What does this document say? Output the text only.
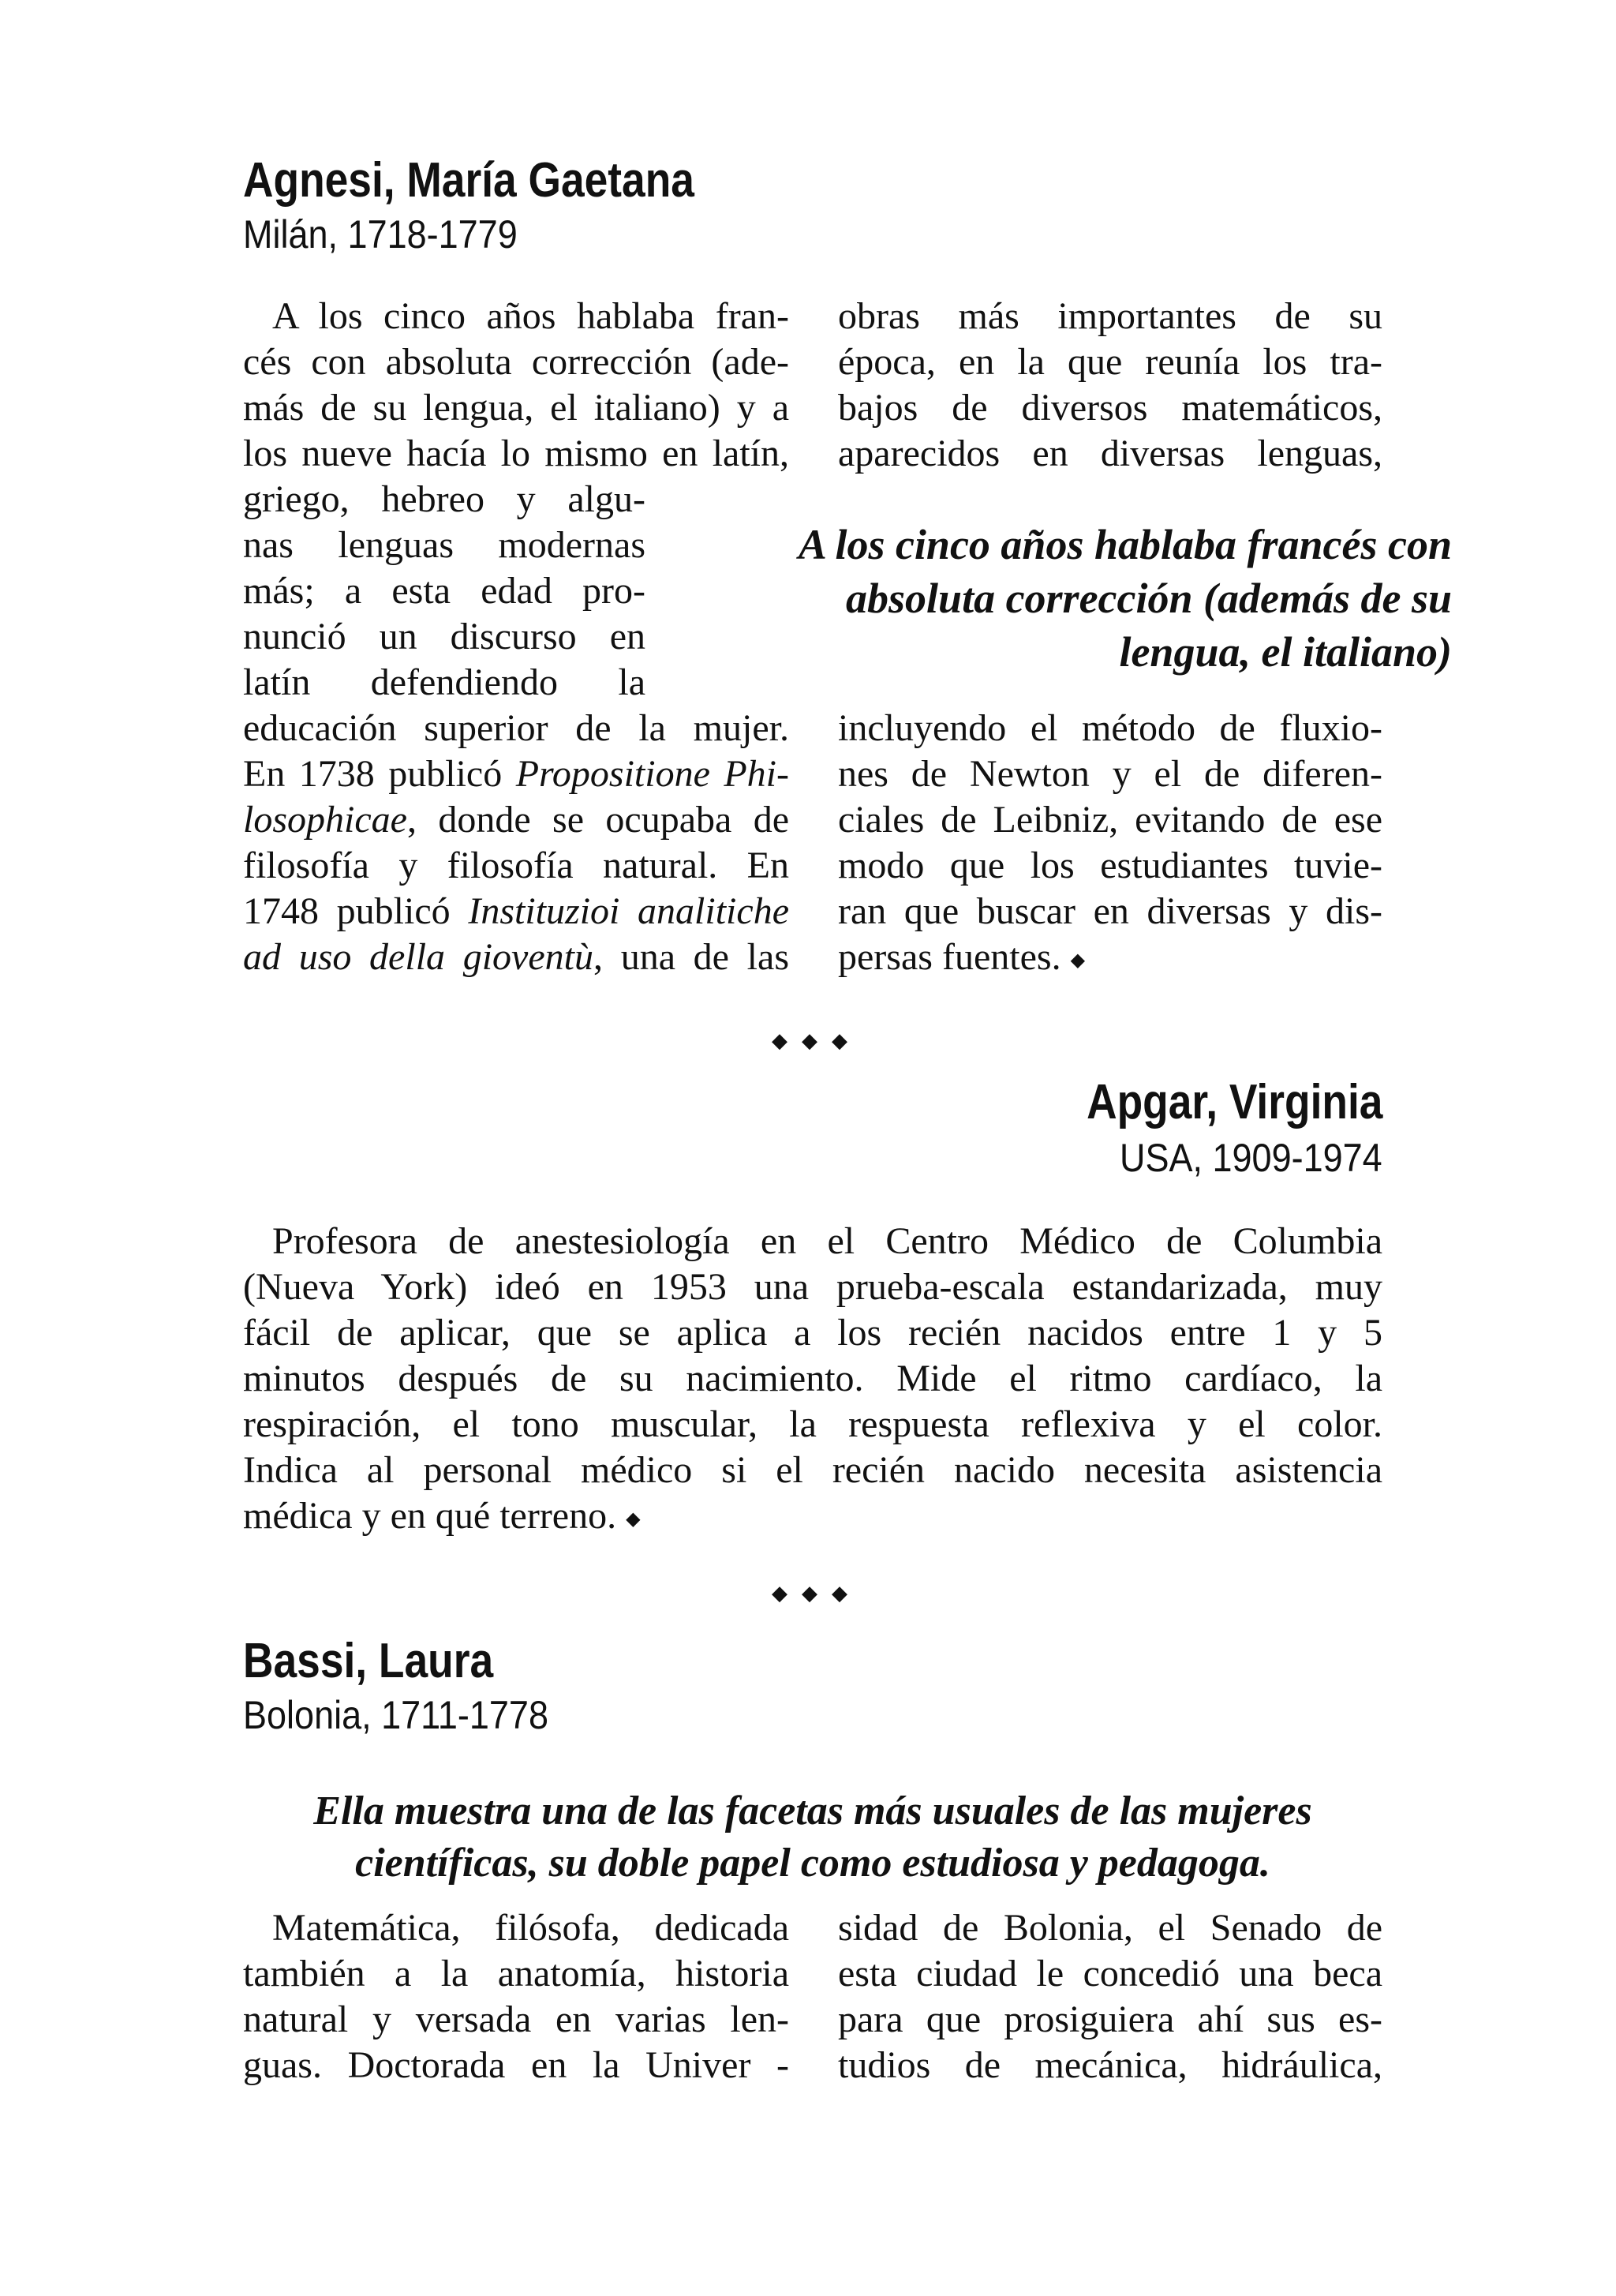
Agnesi, María Gaetana
Milán, 1718-1779
A los cinco años hablaba fran-
cés con absoluta corrección (ade-
más de su lengua, el italiano) y a
los nueve hacía lo mismo en latín,
griego, hebreo y algu-
nas lenguas modernas
más; a esta edad pro-
nunció un discurso en
latín defendiendo la
educación superior de la mujer.
En 1738 publicó Propositione Phi-
losophicae, donde se ocupaba de
filosofía y filosofía natural. En
1748 publicó Instituzioi analitiche
ad uso della gioventù, una de las
obras más importantes de su
época, en la que reunía los tra-
bajos de diversos matemáticos,
aparecidos en diversas lenguas,
A los cinco años hablaba francés con
absoluta corrección (además de su
lengua, el italiano)
incluyendo el método de fluxio-
nes de Newton y el de diferen-
ciales de Leibniz, evitando de ese
modo que los estudiantes tuvie-
ran que buscar en diversas y dis-
persas fuentes. ◆
◆◆◆
Apgar, Virginia
USA, 1909-1974
Profesora de anestesiología en el Centro Médico de Columbia
(Nueva York) ideó en 1953 una prueba-escala estandarizada, muy
fácil de aplicar, que se aplica a los recién nacidos entre 1 y 5
minutos después de su nacimiento. Mide el ritmo cardíaco, la
respiración, el tono muscular, la respuesta reflexiva y el color.
Indica al personal médico si el recién nacido necesita asistencia
médica y en qué terreno. ◆
◆◆◆
Bassi, Laura
Bolonia, 1711-1778
Ella muestra una de las facetas más usuales de las mujeres
científicas, su doble papel como estudiosa y pedagoga.
Matemática, filósofa, dedicada
también a la anatomía, historia
natural y versada en varias len-
guas. Doctorada en la Univer -
sidad de Bolonia, el Senado de
esta ciudad le concedió una beca
para que prosiguiera ahí sus es-
tudios de mecánica, hidráulica,
